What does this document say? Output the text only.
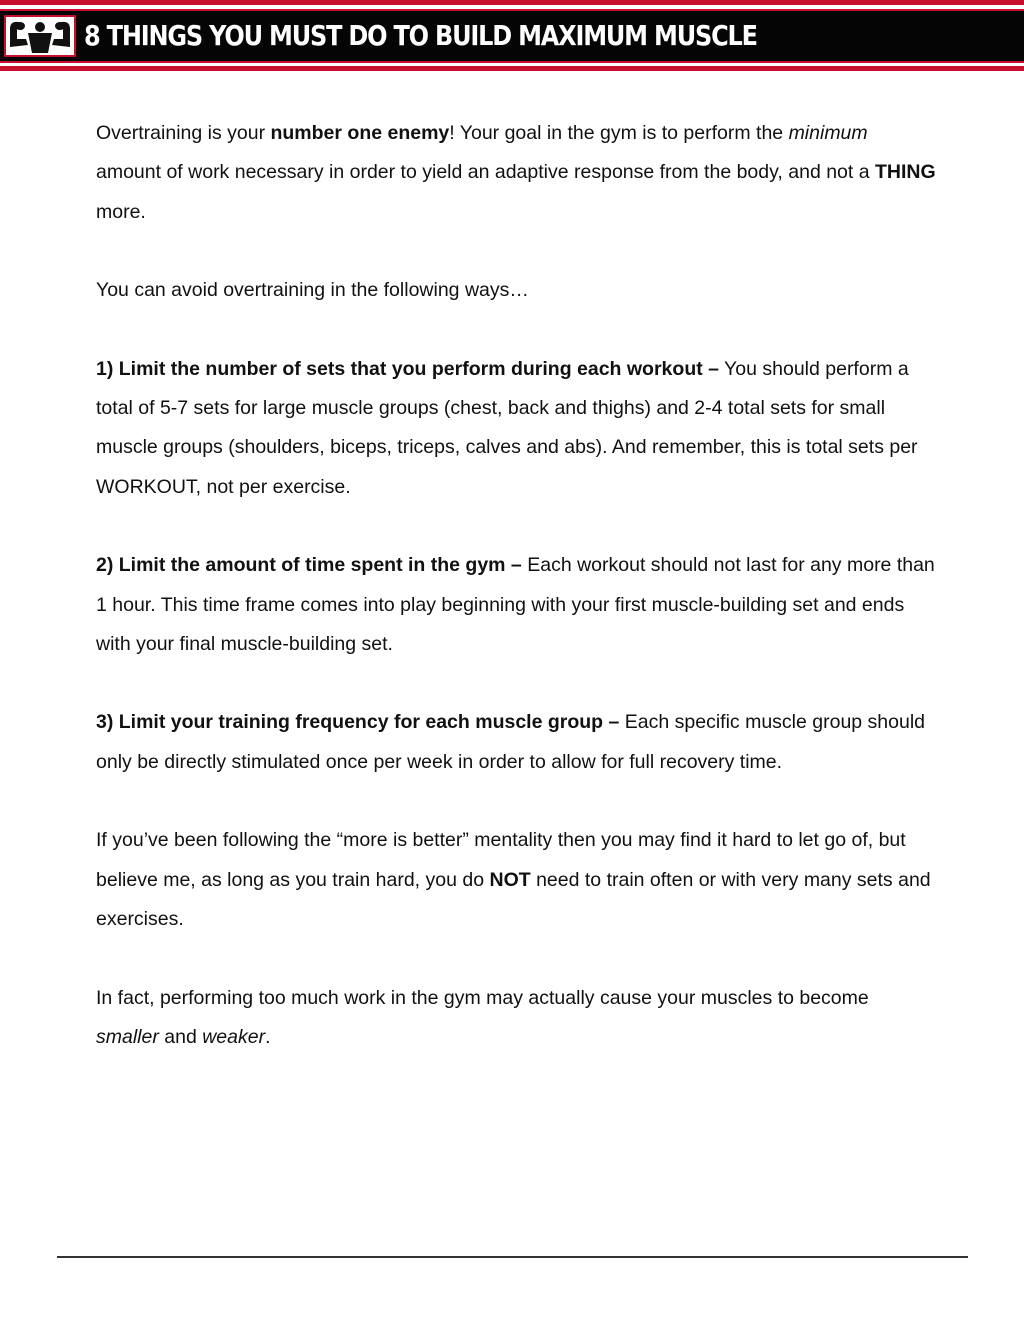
8 THINGS YOU MUST DO TO BUILD MAXIMUM MUSCLE

Overtraining is your number one enemy! Your goal in the gym is to perform the minimum amount of work necessary in order to yield an adaptive response from the body, and not a THING more.

You can avoid overtraining in the following ways…

1) Limit the number of sets that you perform during each workout – You should perform a total of 5-7 sets for large muscle groups (chest, back and thighs) and 2-4 total sets for small muscle groups (shoulders, biceps, triceps, calves and abs). And remember, this is total sets per WORKOUT, not per exercise.

2) Limit the amount of time spent in the gym – Each workout should not last for any more than 1 hour. This time frame comes into play beginning with your first muscle-building set and ends with your final muscle-building set.

3) Limit your training frequency for each muscle group – Each specific muscle group should only be directly stimulated once per week in order to allow for full recovery time.

If you’ve been following the “more is better” mentality then you may find it hard to let go of, but believe me, as long as you train hard, you do NOT need to train often or with very many sets and exercises.

In fact, performing too much work in the gym may actually cause your muscles to become smaller and weaker.
